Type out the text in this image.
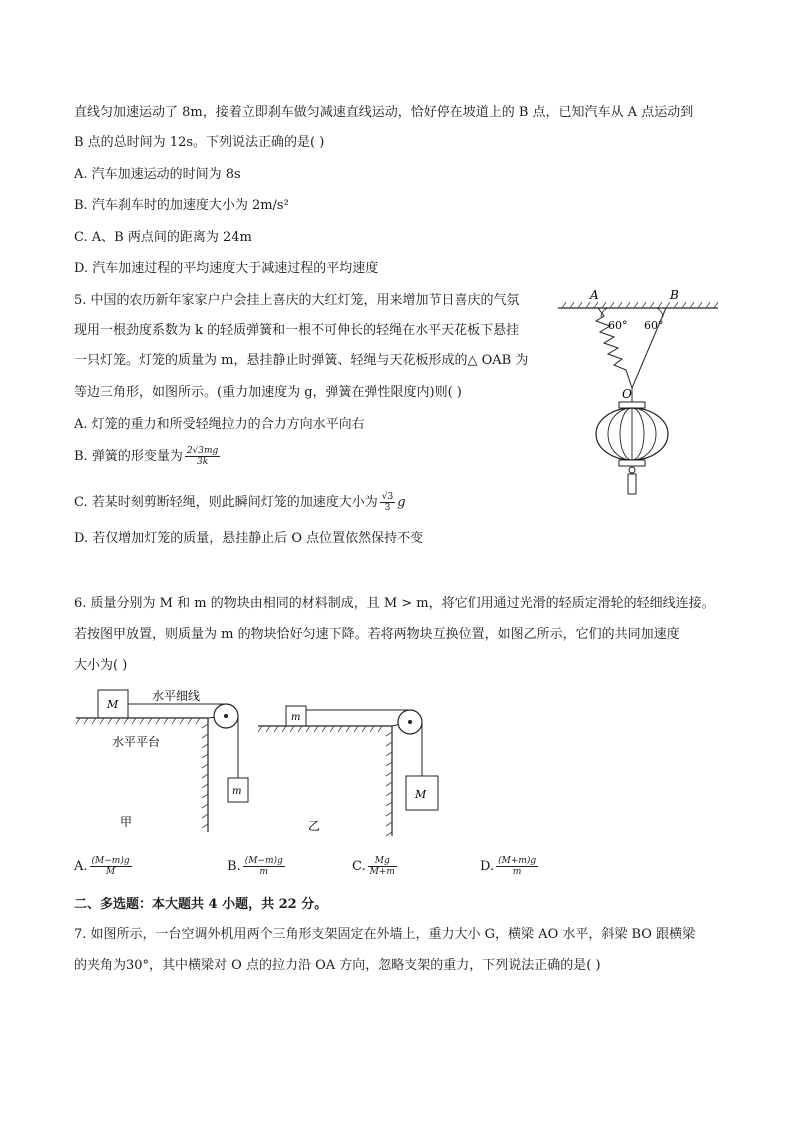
直线匀加速运动了 8m，接着立即刹车做匀减速直线运动，恰好停在坡道上的 B 点，已知汽车从 A 点运动到
B 点的总时间为 12s。下列说法正确的是( )
A. 汽车加速运动的时间为 8s
B. 汽车刹车时的加速度大小为 2m/s²
C. A、B 两点间的距离为 24m
D. 汽车加速过程的平均速度大于减速过程的平均速度
5. 中国的农历新年家家户户会挂上喜庆的大红灯笼，用来增加节日喜庆的气氛
现用一根劲度系数为 k 的轻质弹簧和一根不可伸长的轻绳在水平天花板下悬挂
一只灯笼。灯笼的质量为 m，悬挂静止时弹簧、轻绳与天花板形成的△ OAB 为
等边三角形，如图所示。(重力加速度为 g，弹簧在弹性限度内)则( )
A. 灯笼的重力和所受轻绳拉力的合力方向水平向右
B. 弹簧的形变量为 $\frac{2√3mg}{3k}$
C. 若某时刻剪断轻绳，则此瞬间灯笼的加速度大小为 $\frac{√3}{3}$ g
D. 若仅增加灯笼的质量，悬挂静止后 O 点位置依然保持不变
A	B
60° 60°
O
6. 质量分别为 M 和 m 的物块由相同的材料制成，且 M > m，将它们用通过光滑的轻质定滑轮的轻细线连接。
若按图甲放置，则质量为 m 的物块恰好匀速下降。若将两物块互换位置，如图乙所示，它们的共同加速度
大小为( )
M
水平细线
水平平台
m
甲
m
M
乙
A. $\frac{(M-m)g}{M}$	B. $\frac{(M-m)g}{m}$	C. $\frac{Mg}{M+m}$	D. $\frac{(M+m)g}{m}$
二、多选题：本大题共 4 小题，共 22 分。
7. 如图所示，一台空调外机用两个三角形支架固定在外墙上，重力大小 G，横梁 AO 水平，斜梁 BO 跟横梁
的夹角为30°，其中横梁对 O 点的拉力沿 OA 方向，忽略支架的重力，下列说法正确的是( )
